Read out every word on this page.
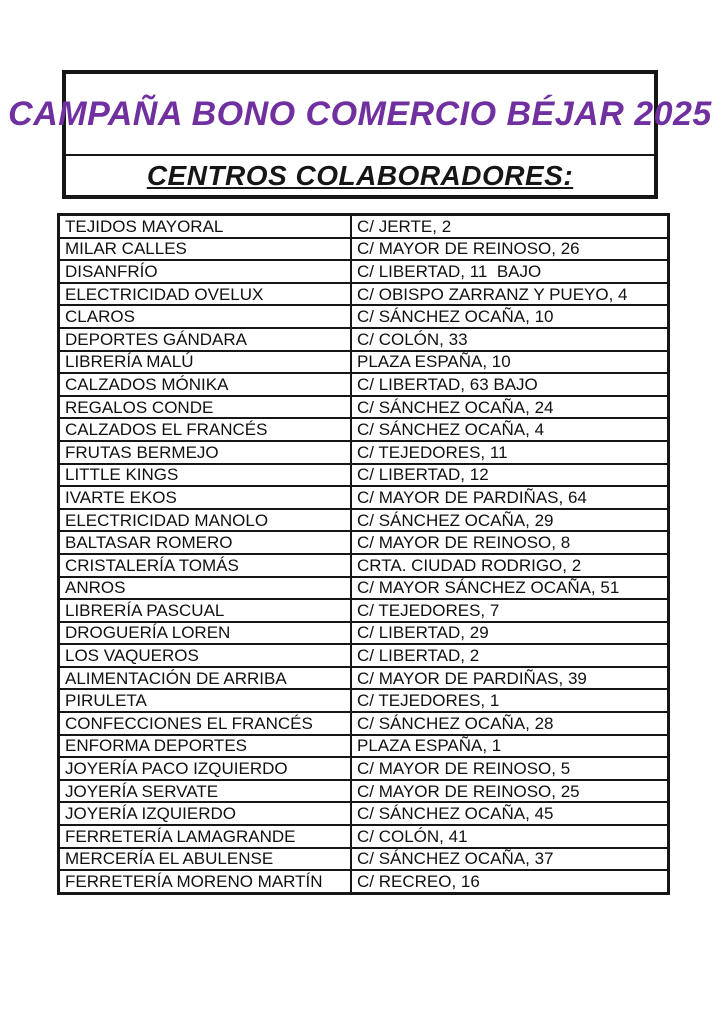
CAMPAÑA BONO COMERCIO BÉJAR 2025
CENTROS COLABORADORES:
TEJIDOS MAYORAL	C/ JERTE, 2
MILAR CALLES	C/ MAYOR DE REINOSO, 26
DISANFRÍO	C/ LIBERTAD, 11  BAJO
ELECTRICIDAD OVELUX	C/ OBISPO ZARRANZ Y PUEYO, 4
CLAROS	C/ SÁNCHEZ OCAÑA, 10
DEPORTES GÁNDARA	C/ COLÓN, 33
LIBRERÍA MALÚ	PLAZA ESPAÑA, 10
CALZADOS MÓNIKA	C/ LIBERTAD, 63 BAJO
REGALOS CONDE	C/ SÁNCHEZ OCAÑA, 24
CALZADOS EL FRANCÉS	C/ SÁNCHEZ OCAÑA, 4
FRUTAS BERMEJO	C/ TEJEDORES, 11
LITTLE KINGS	C/ LIBERTAD, 12
IVARTE EKOS	C/ MAYOR DE PARDIÑAS, 64
ELECTRICIDAD MANOLO	C/ SÁNCHEZ OCAÑA, 29
BALTASAR ROMERO	C/ MAYOR DE REINOSO, 8
CRISTALERÍA TOMÁS	CRTA. CIUDAD RODRIGO, 2
ANROS	C/ MAYOR SÁNCHEZ OCAÑA, 51
LIBRERÍA PASCUAL	C/ TEJEDORES, 7
DROGUERÍA LOREN	C/ LIBERTAD, 29
LOS VAQUEROS	C/ LIBERTAD, 2
ALIMENTACIÓN DE ARRIBA	C/ MAYOR DE PARDIÑAS, 39
PIRULETA	C/ TEJEDORES, 1
CONFECCIONES EL FRANCÉS	C/ SÁNCHEZ OCAÑA, 28
ENFORMA DEPORTES	PLAZA ESPAÑA, 1
JOYERÍA PACO IZQUIERDO	C/ MAYOR DE REINOSO, 5
JOYERÍA SERVATE	C/ MAYOR DE REINOSO, 25
JOYERÍA IZQUIERDO	C/ SÁNCHEZ OCAÑA, 45
FERRETERÍA LAMAGRANDE	C/ COLÓN, 41
MERCERÍA EL ABULENSE	C/ SÁNCHEZ OCAÑA, 37
FERRETERÍA MORENO MARTÍN	C/ RECREO, 16
